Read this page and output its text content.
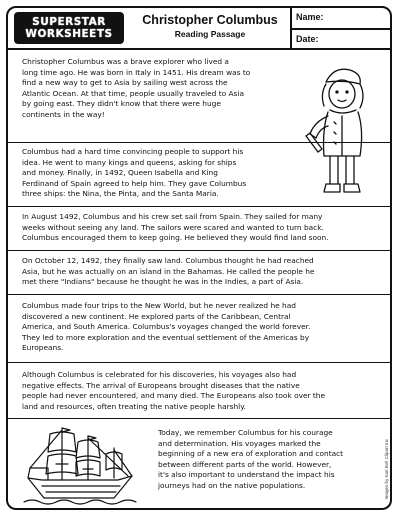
SUPERSTAR
WORKSHEETS
Christopher Columbus
Reading Passage
Name:
Date:
Christopher Columbus was a brave explorer who lived a
long time ago. He was born in Italy in 1451. His dream was to
find a new way to get to Asia by sailing west across the
Atlantic Ocean. At that time, people usually traveled to Asia
by going east. They didn't know that there were huge
continents in the way!
Columbus had a hard time convincing people to support his
idea. He went to many kings and queens, asking for ships
and money. Finally, in 1492, Queen Isabella and King
Ferdinand of Spain agreed to help him. They gave Columbus
three ships: the Nina, the Pinta, and the Santa Maria.
In August 1492, Columbus and his crew set sail from Spain. They sailed for many
weeks without seeing any land. The sailors were scared and wanted to turn back.
Columbus encouraged them to keep going. He believed they would find land soon.
On October 12, 1492, they finally saw land. Columbus thought he had reached
Asia, but he was actually on an island in the Bahamas. He called the people he
met there "Indians" because he thought he was in the Indies, a part of Asia.
Columbus made four trips to the New World, but he never realized he had
discovered a new continent. He explored parts of the Caribbean, Central
America, and South America. Columbus's voyages changed the world forever.
They led to more exploration and the eventual settlement of the Americas by
Europeans.
Although Columbus is celebrated for his discoveries, his voyages also had
negative effects. The arrival of Europeans brought diseases that the native
people had never encountered, and many died. The Europeans also took over the
land and resources, often treating the native people harshly.
Today, we remember Columbus for his courage
and determination. His voyages marked the
beginning of a new era of exploration and contact
between different parts of the world. However,
it's also important to understand the impact his
journeys had on the native populations.	Images by Kari Bolt Clipart Inc
